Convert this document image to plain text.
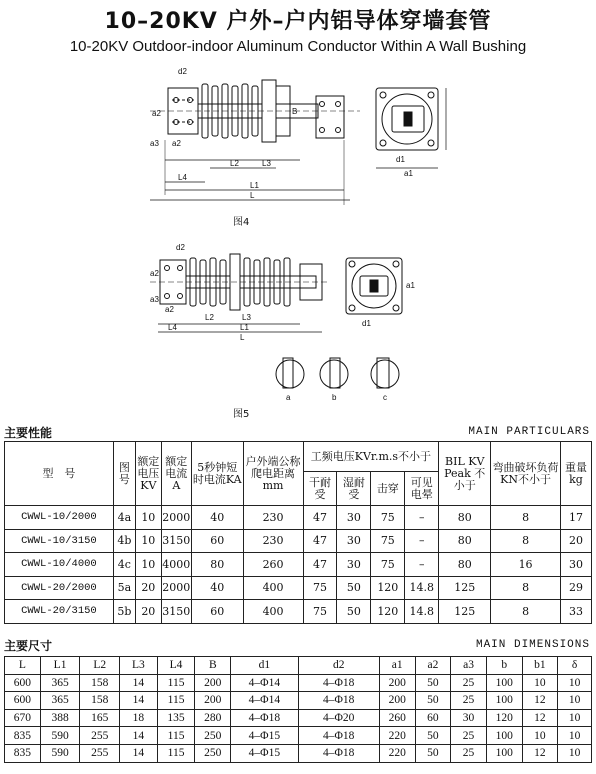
10–20KV 户外–户内铝导体穿墙套管
10-20KV Outdoor-indoor Aluminum Conductor Within A Wall Bushing
d2
a2
a3 a2
L2	L3
L4
L1
L
B
d1
a1
图4
d2
a2
a3
a2
L2	L3
L4	L1
L
d1
a1
a	b	c
图5
主要性能	MAIN PARTICULARS
型　号	图号	额定电压KV	额定电流A	5秒钟短时电流KA	户外端公称爬电距离mm	工频电压KVr.m.s不小于				BIL KV Peak 不小于	弯曲破坏负荷KN不小于	重量kg
						干耐受	湿耐受	击穿	可见电晕			
CWWL-10/2000	4a	10	2000	40	230	47	30	75	–	80	8	17
CWWL-10/3150	4b	10	3150	60	230	47	30	75	–	80	8	20
CWWL-10/4000	4c	10	4000	80	260	47	30	75	–	80	16	30
CWWL-20/2000	5a	20	2000	40	400	75	50	120	14.8	125	8	29
CWWL-20/3150	5b	20	3150	60	400	75	50	120	14.8	125	8	33
主要尺寸	MAIN DIMENSIONS
L	L1	L2	L3	L4	B	d1	d2	a1	a2	a3	b	b1	δ
600	365	158	14	115	200	4–Φ14	4–Φ18	200	50	25	100	10	10
600	365	158	14	115	200	4–Φ14	4–Φ18	200	50	25	100	12	10
670	388	165	18	135	280	4–Φ18	4–Φ20	260	60	30	120	12	10
835	590	255	14	115	250	4–Φ15	4–Φ18	220	50	25	100	10	10
835	590	255	14	115	250	4–Φ15	4–Φ18	220	50	25	100	12	10
